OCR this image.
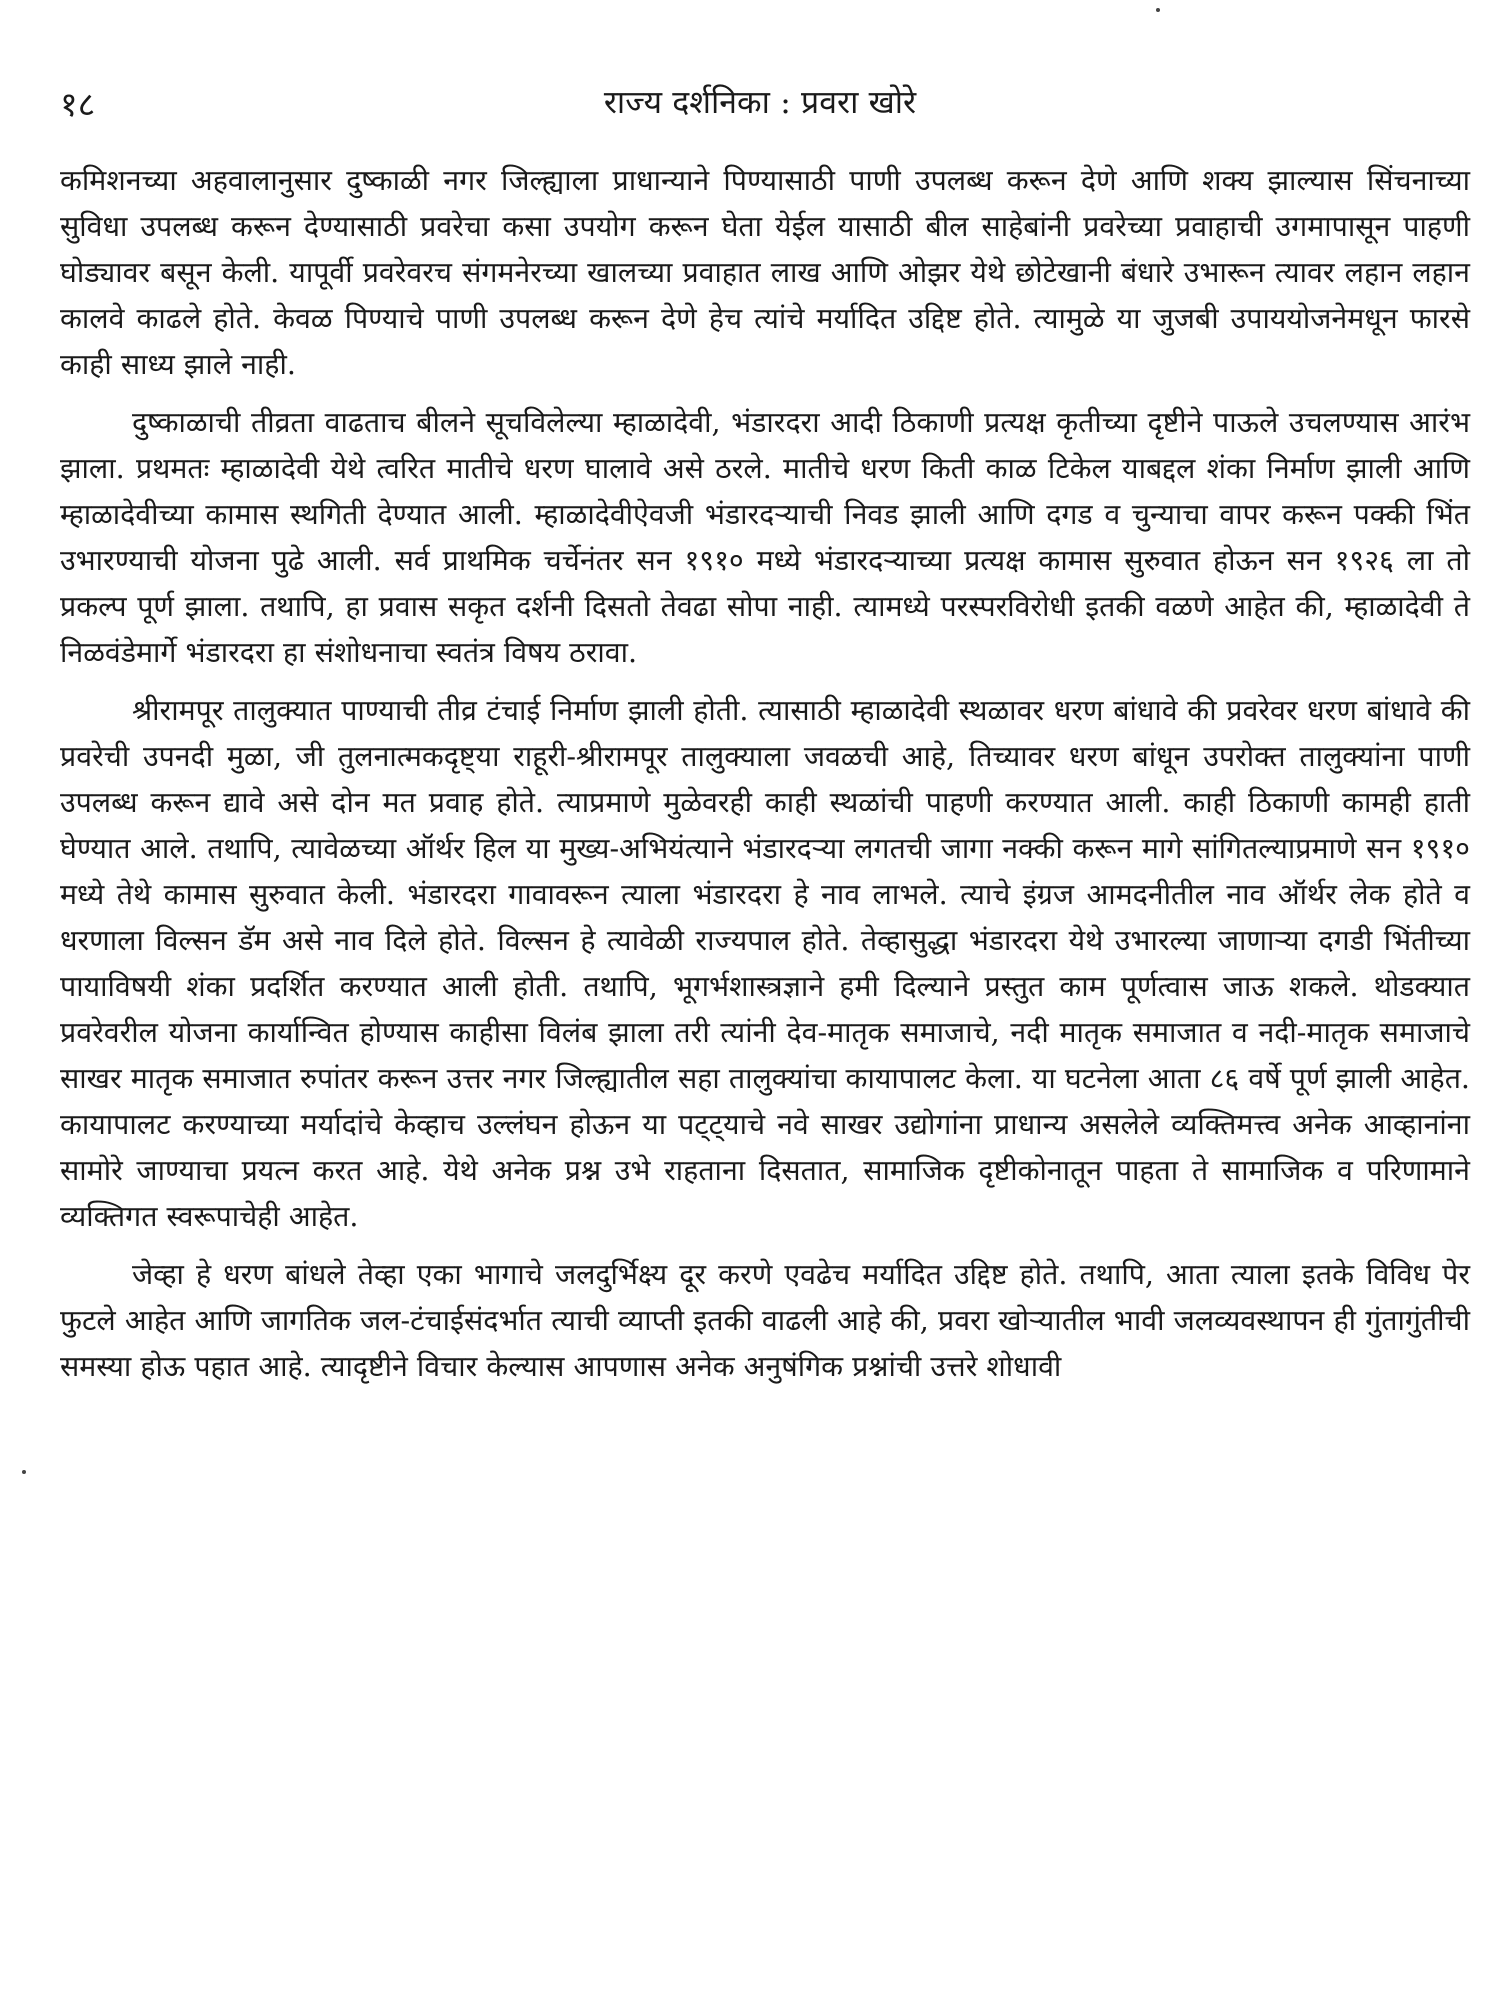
१८	राज्य दर्शनिका : प्रवरा खोरे

कमिशनच्या अहवालानुसार दुष्काळी नगर जिल्ह्याला प्राधान्याने पिण्यासाठी पाणी उपलब्ध करून देणे आणि शक्य झाल्यास सिंचनाच्या सुविधा उपलब्ध करून देण्यासाठी प्रवरेचा कसा उपयोग करून घेता येईल यासाठी बील साहेबांनी प्रवरेच्या प्रवाहाची उगमापासून पाहणी घोड्यावर बसून केली. यापूर्वी प्रवरेवरच संगमनेरच्या खालच्या प्रवाहात लाख आणि ओझर येथे छोटेखानी बंधारे उभारून त्यावर लहान लहान कालवे काढले होते. केवळ पिण्याचे पाणी उपलब्ध करून देणे हेच त्यांचे मर्यादित उद्दिष्ट होते. त्यामुळे या जुजबी उपाययोजनेमधून फारसे काही साध्य झाले नाही.

दुष्काळाची तीव्रता वाढताच बीलने सूचविलेल्या म्हाळादेवी, भंडारदरा आदी ठिकाणी प्रत्यक्ष कृतीच्या दृष्टीने पाऊले उचलण्यास आरंभ झाला. प्रथमतः म्हाळादेवी येथे त्वरित मातीचे धरण घालावे असे ठरले. मातीचे धरण किती काळ टिकेल याबद्दल शंका निर्माण झाली आणि म्हाळादेवीच्या कामास स्थगिती देण्यात आली. म्हाळादेवीऐवजी भंडारदऱ्याची निवड झाली आणि दगड व चुन्याचा वापर करून पक्की भिंत उभारण्याची योजना पुढे आली. सर्व प्राथमिक चर्चेनंतर सन १९१० मध्ये भंडारदऱ्याच्या प्रत्यक्ष कामास सुरुवात होऊन सन १९२६ ला तो प्रकल्प पूर्ण झाला. तथापि, हा प्रवास सकृत दर्शनी दिसतो तेवढा सोपा नाही. त्यामध्ये परस्परविरोधी इतकी वळणे आहेत की, म्हाळादेवी ते निळवंडेमार्गे भंडारदरा हा संशोधनाचा स्वतंत्र विषय ठरावा.

श्रीरामपूर तालुक्यात पाण्याची तीव्र टंचाई निर्माण झाली होती. त्यासाठी म्हाळादेवी स्थळावर धरण बांधावे की प्रवरेवर धरण बांधावे की प्रवरेची उपनदी मुळा, जी तुलनात्मकदृष्ट्या राहूरी-श्रीरामपूर तालुक्याला जवळची आहे, तिच्यावर धरण बांधून उपरोक्त तालुक्यांना पाणी उपलब्ध करून द्यावे असे दोन मत प्रवाह होते. त्याप्रमाणे मुळेवरही काही स्थळांची पाहणी करण्यात आली. काही ठिकाणी कामही हाती घेण्यात आले. तथापि, त्यावेळच्या ऑर्थर हिल या मुख्य-अभियंत्याने भंडारदऱ्या लगतची जागा नक्की करून मागे सांगितल्याप्रमाणे सन १९१० मध्ये तेथे कामास सुरुवात केली. भंडारदरा गावावरून त्याला भंडारदरा हे नाव लाभले. त्याचे इंग्रज आमदनीतील नाव ऑर्थर लेक होते व धरणाला विल्सन डॅम असे नाव दिले होते. विल्सन हे त्यावेळी राज्यपाल होते. तेव्हासुद्धा भंडारदरा येथे उभारल्या जाणाऱ्या दगडी भिंतीच्या पायाविषयी शंका प्रदर्शित करण्यात आली होती. तथापि, भूगर्भशास्त्रज्ञाने हमी दिल्याने प्रस्तुत काम पूर्णत्वास जाऊ शकले. थोडक्यात प्रवरेवरील योजना कार्यान्वित होण्यास काहीसा विलंब झाला तरी त्यांनी देव-मातृक समाजाचे, नदी मातृक समाजात व नदी-मातृक समाजाचे साखर मातृक समाजात रुपांतर करून उत्तर नगर जिल्ह्यातील सहा तालुक्यांचा कायापालट केला. या घटनेला आता ८६ वर्षे पूर्ण झाली आहेत. कायापालट करण्याच्या मर्यादांचे केव्हाच उल्लंघन होऊन या पट्ट्याचे नवे साखर उद्योगांना प्राधान्य असलेले व्यक्तिमत्त्व अनेक आव्हानांना सामोरे जाण्याचा प्रयत्न करत आहे. येथे अनेक प्रश्न उभे राहताना दिसतात, सामाजिक दृष्टीकोनातून पाहता ते सामाजिक व परिणामाने व्यक्तिगत स्वरूपाचेही आहेत.

जेव्हा हे धरण बांधले तेव्हा एका भागाचे जलदुर्भिक्ष्य दूर करणे एवढेच मर्यादित उद्दिष्ट होते. तथापि, आता त्याला इतके विविध पेर फुटले आहेत आणि जागतिक जल-टंचाईसंदर्भात त्याची व्याप्ती इतकी वाढली आहे की, प्रवरा खोऱ्यातील भावी जलव्यवस्थापन ही गुंतागुंतीची समस्या होऊ पहात आहे. त्यादृष्टीने विचार केल्यास आपणास अनेक अनुषंगिक प्रश्नांची उत्तरे शोधावी
